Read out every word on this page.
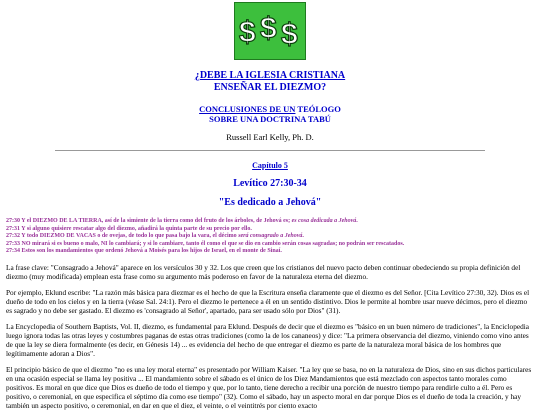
$ $ $
¿DEBE LA IGLESIA CRISTIANA
ENSEÑAR EL DIEZMO?
CONCLUSIONES DE UN TEÓLOGO
SOBRE UNA DOCTRINA TABÚ
Russell Earl Kelly, Ph. D.
Capítulo 5
Levítico 27:30-34
"Es dedicado a Jehová"
27:30 Y el DIEZMO DE LA TIERRA, así de la simiente de la tierra como del fruto de los árboles, de Jehová es; es cosa dedicada a Jehová.
27:31 Y si alguno quisiere rescatar algo del diezmo, añadirá la quinta parte de su precio por ello.
27:32 Y todo DIEZMO DE VACAS o de ovejas, de todo lo que pasa bajo la vara, el décimo será consagrado a Jehová.
27:33 NO mirará si es bueno o malo, NI lo cambiará; y si lo cambiare, tanto él como el que se dio en cambio serán cosas sagradas; no podrán ser rescatados.
27:34 Estos son los mandamientos que ordenó Jehová a Moisés para los hijos de Israel, en el monte de Sinaí.
La frase clave: "Consagrado a Jehová" aparece en los versículos 30 y 32. Los que creen que los cristianos del nuevo pacto deben continuar obedeciendo su propia definición del diezmo (muy modificada) emplean esta frase como su argumento más poderoso en favor de la naturaleza eterna del diezmo.
Por ejemplo, Eklund escribe: "La razón más básica para diezmar es el hecho de que la Escritura enseña claramente que el diezmo es del Señor. [Cita Levítico 27:30, 32). Dios es el dueño de todo en los cielos y en la tierra (véase Sal. 24:1). Pero el diezmo le pertenece a él en un sentido distintivo. Dios le permite al hombre usar nueve décimos, pero el diezmo es sagrado y no debe ser gastado. El diezmo es 'consagrado al Señor', apartado, para ser usado sólo por Dios" (31).
La Encyclopedia of Southern Baptists, Vol. II, diezmo, es fundamental para Eklund. Después de decir que el diezmo es "básico en un buen número de tradiciones", la Enciclopedia luego ignora todas las otras leyes y costumbres paganas de estas otras tradiciones (como la de los cananeos) y dice: "La primera observancia del diezmo, viniendo como vino antes de que la ley se diera formalmente (es decir, en Génesis 14) ... es evidencia del hecho de que entregar el diezmo es parte de la naturaleza moral básica de los hombres que legítimamente adoran a Dios".
El principio básico de que el diezmo "no es una ley moral eterna" es presentado por William Kaiser. "La ley que se basa, no en la naturaleza de Dios, sino en sus dichos particulares en una ocasión especial se llama ley positiva ... El mandamiento sobre el sábado es el único de los Diez Mandamientos que está mezclado con aspectos tanto morales como positivos. Es moral en que dice que Dios es dueño de todo el tiempo y que, por lo tanto, tiene derecho a recibir una porción de nuestro tiempo para rendirle culto a él. Pero es positivo, o ceremonial, en que especifica el séptimo día como ese tiempo" (32). Como el sábado, hay un aspecto moral en dar porque Dios es el dueño de toda la creación, y hay también un aspecto positivo, o ceremonial, en dar en que el diez, el veinte, o el veintitrés por ciento exacto
